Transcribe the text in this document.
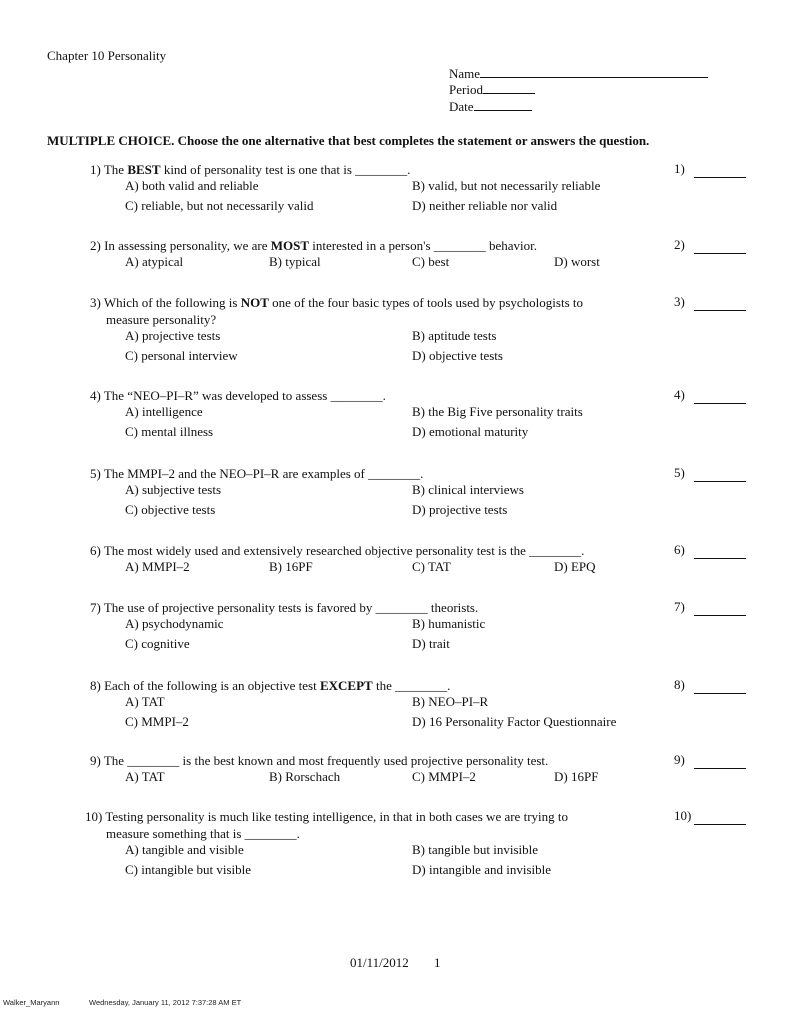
Chapter 10 Personality
Name
Period
Date
MULTIPLE CHOICE. Choose the one alternative that best completes the statement or answers the question.
1) The BEST kind of personality test is one that is ________.	1)
A) both valid and reliable	B) valid, but not necessarily reliable
C) reliable, but not necessarily valid	D) neither reliable nor valid
2) In assessing personality, we are MOST interested in a person's ________ behavior.	2)
A) atypical	B) typical	C) best	D) worst
3) Which of the following is NOT one of the four basic types of tools used by psychologists to
measure personality?
3)
A) projective tests	B) aptitude tests
C) personal interview	D) objective tests
4) The “NEO–PI–R” was developed to assess ________.	4)
A) intelligence	B) the Big Five personality traits
C) mental illness	D) emotional maturity
5) The MMPI–2 and the NEO–PI–R are examples of ________.	5)
A) subjective tests	B) clinical interviews
C) objective tests	D) projective tests
6) The most widely used and extensively researched objective personality test is the ________.	6)
A) MMPI–2	B) 16PF	C) TAT	D) EPQ
7) The use of projective personality tests is favored by ________ theorists.	7)
A) psychodynamic	B) humanistic
C) cognitive	D) trait
8) Each of the following is an objective test EXCEPT the ________.	8)
A) TAT	B) NEO–PI–R
C) MMPI–2	D) 16 Personality Factor Questionnaire
9) The ________ is the best known and most frequently used projective personality test.	9)
A) TAT	B) Rorschach	C) MMPI–2	D) 16PF
10) Testing personality is much like testing intelligence, in that in both cases we are trying to
measure something that is ________.
10)
A) tangible and visible	B) tangible but invisible
C) intangible but visible	D) intangible and invisible
01/11/2012 1
Walker_Maryann	Wednesday, January 11, 2012 7:37:28 AM ET
